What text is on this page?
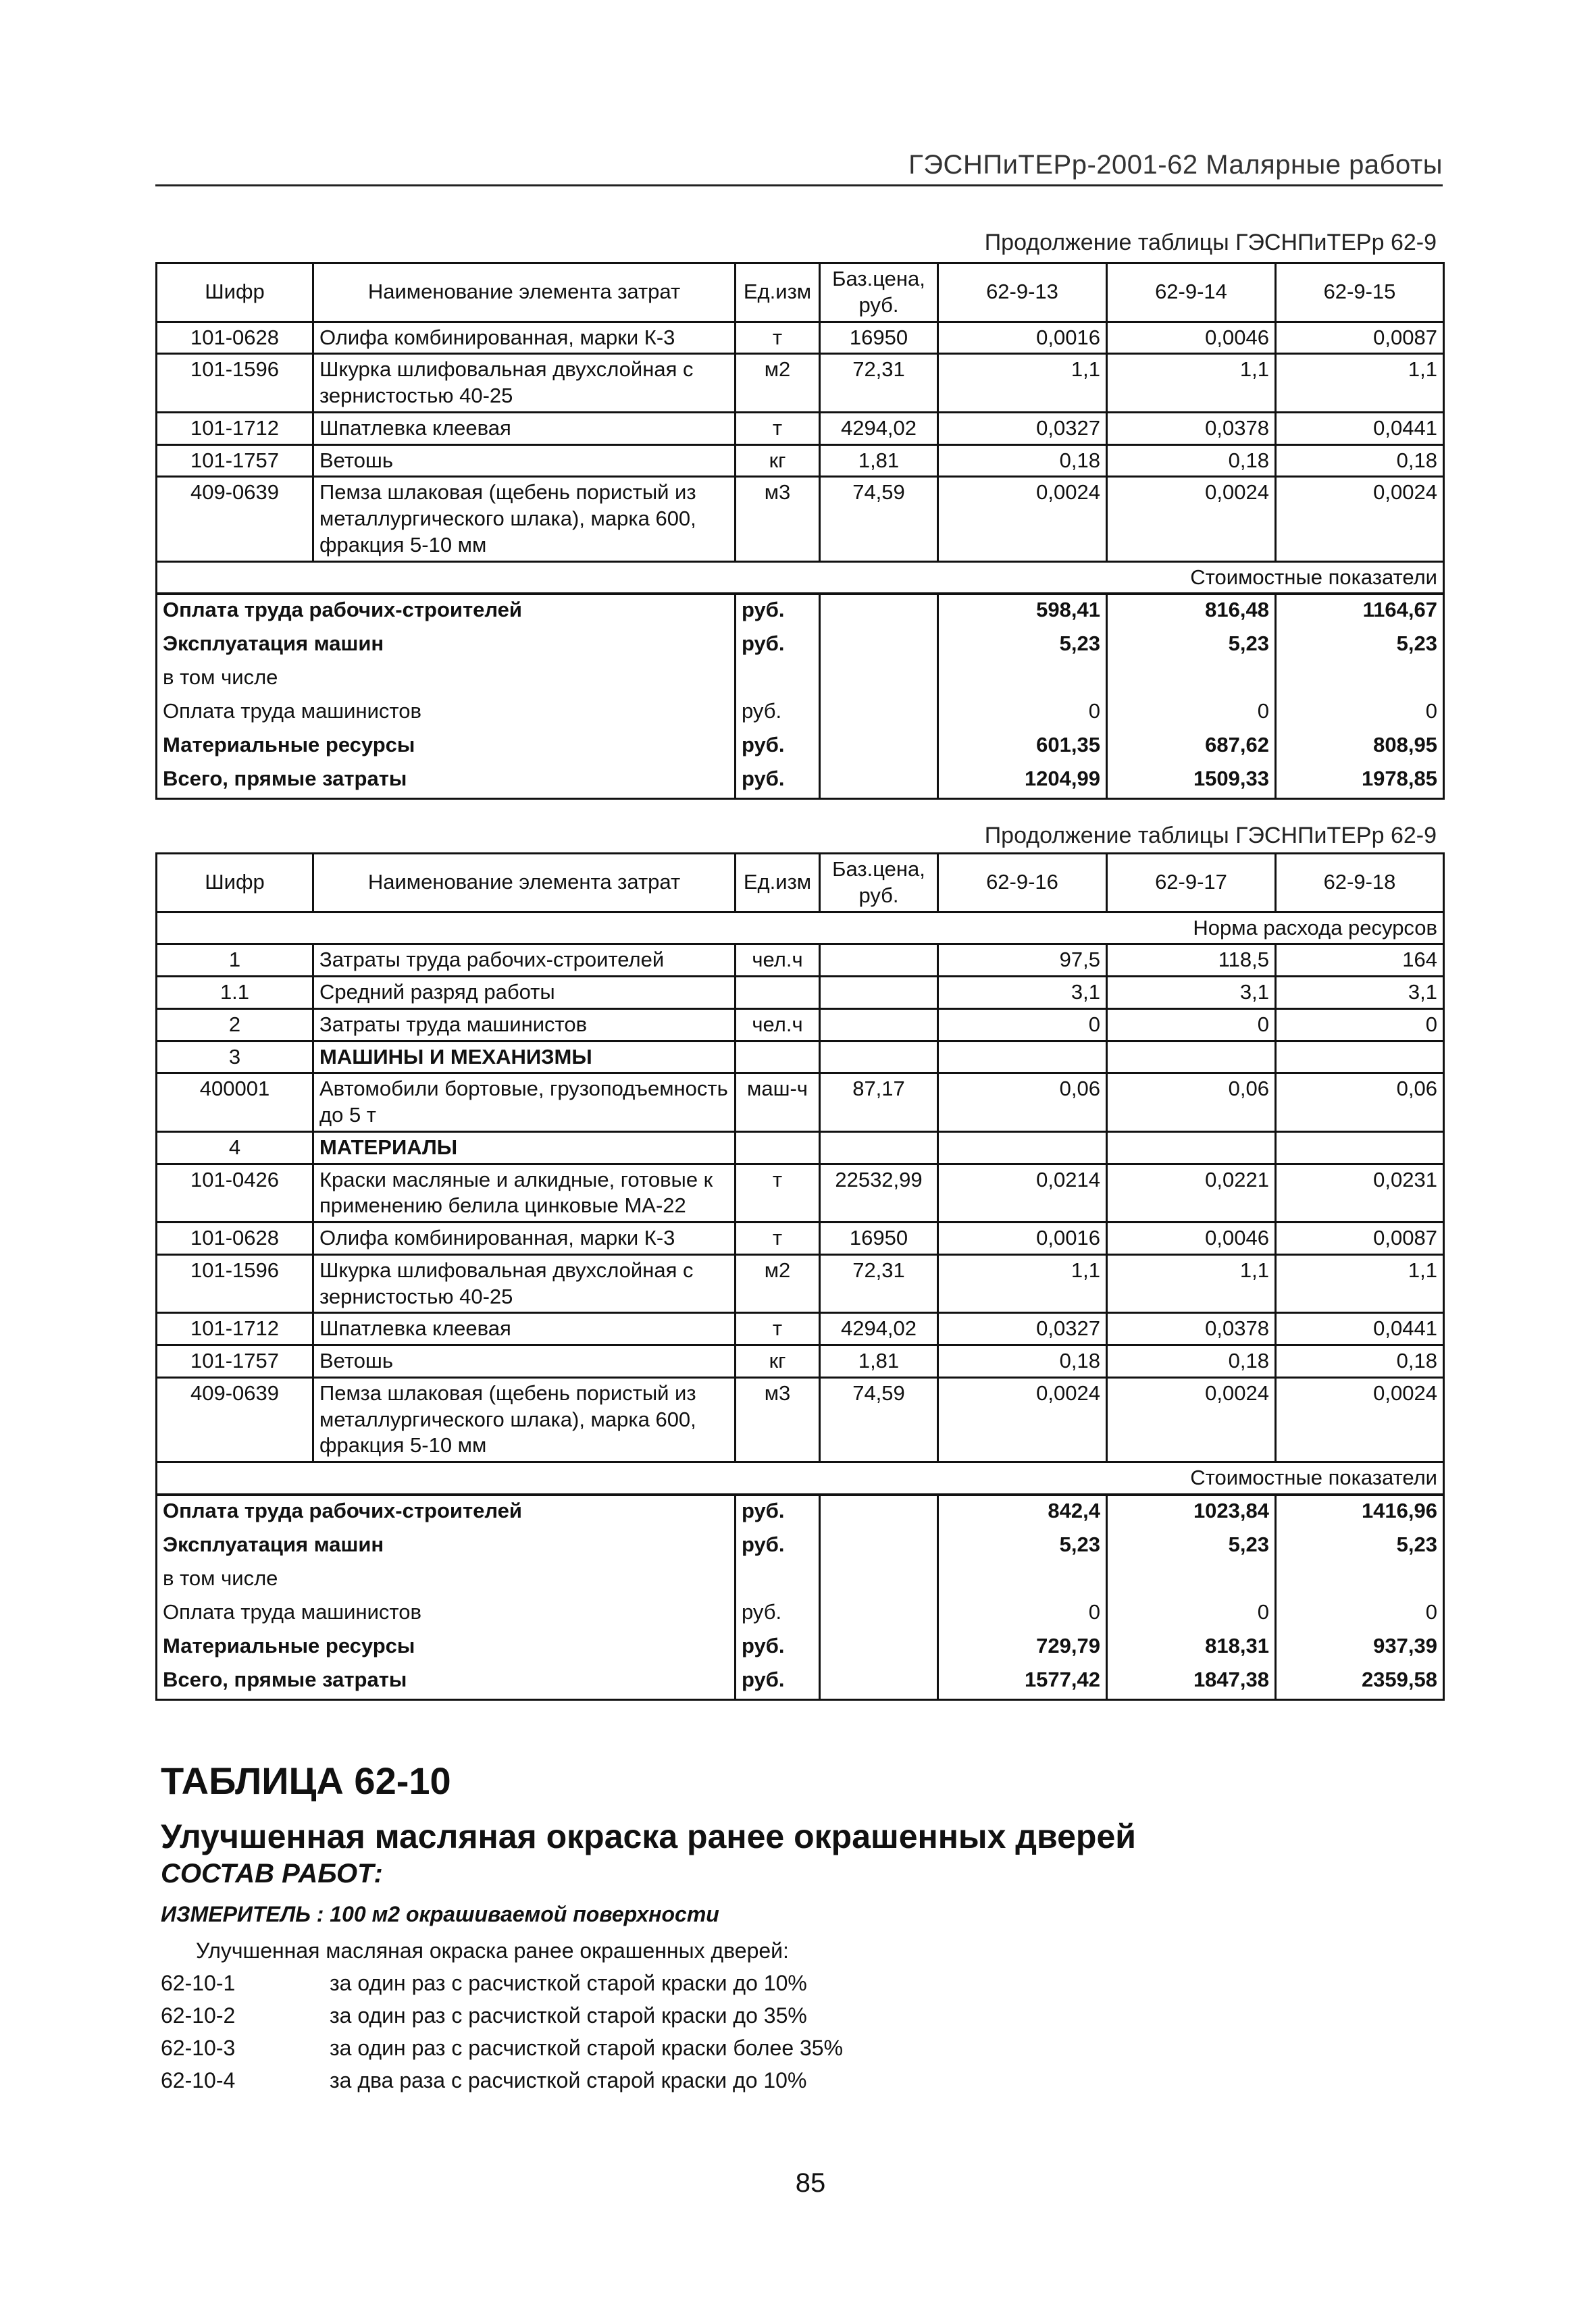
ГЭСНПиТЕРр-2001-62 Малярные работы
Продолжение таблицы ГЭСНПиТЕРр 62-9
Шифр	Наименование элемента затрат	Ед.изм	Баз.цена, руб.	62-9-13	62-9-14	62-9-15
101-0628	Олифа комбинированная, марки К-3	т	16950	0,0016	0,0046	0,0087
101-1596	Шкурка шлифовальная двухслойная с зернистостью 40-25	м2	72,31	1,1	1,1	1,1
101-1712	Шпатлевка клеевая	т	4294,02	0,0327	0,0378	0,0441
101-1757	Ветошь	кг	1,81	0,18	0,18	0,18
409-0639	Пемза шлаковая (щебень пористый из металлургического шлака), марка 600, фракция 5-10 мм	м3	74,59	0,0024	0,0024	0,0024
Стоимостные показатели						
Оплата труда рабочих-строителей		руб.		598,41	816,48	1164,67
Эксплуатация машин		руб.		5,23	5,23	5,23
в том числе						
Оплата труда машинистов		руб.		0	0	0
Материальные ресурсы		руб.		601,35	687,62	808,95
Всего, прямые затраты		руб.		1204,99	1509,33	1978,85
Продолжение таблицы ГЭСНПиТЕРр 62-9
Шифр	Наименование элемента затрат	Ед.изм	Баз.цена, руб.	62-9-16	62-9-17	62-9-18
Норма расхода ресурсов						
1	Затраты труда рабочих-строителей	чел.ч		97,5	118,5	164
1.1	Средний разряд работы			3,1	3,1	3,1
2	Затраты труда машинистов	чел.ч		0	0	0
3	МАШИНЫ И МЕХАНИЗМЫ					
400001	Автомобили бортовые, грузоподъемность до 5 т	маш-ч	87,17	0,06	0,06	0,06
4	МАТЕРИАЛЫ					
101-0426	Краски масляные и алкидные, готовые к применению белила цинковые МА-22	т	22532,99	0,0214	0,0221	0,0231
101-0628	Олифа комбинированная, марки К-3	т	16950	0,0016	0,0046	0,0087
101-1596	Шкурка шлифовальная двухслойная с зернистостью 40-25	м2	72,31	1,1	1,1	1,1
101-1712	Шпатлевка клеевая	т	4294,02	0,0327	0,0378	0,0441
101-1757	Ветошь	кг	1,81	0,18	0,18	0,18
409-0639	Пемза шлаковая (щебень пористый из металлургического шлака), марка 600, фракция 5-10 мм	м3	74,59	0,0024	0,0024	0,0024
Стоимостные показатели						
Оплата труда рабочих-строителей		руб.		842,4	1023,84	1416,96
Эксплуатация машин		руб.		5,23	5,23	5,23
в том числе						
Оплата труда машинистов		руб.		0	0	0
Материальные ресурсы		руб.		729,79	818,31	937,39
Всего, прямые затраты		руб.		1577,42	1847,38	2359,58
ТАБЛИЦА 62-10
Улучшенная масляная окраска ранее окрашенных дверей
СОСТАВ РАБОТ:
ИЗМЕРИТЕЛЬ : 100 м2 окрашиваемой поверхности
Улучшенная масляная окраска ранее окрашенных дверей:
62-10-1	за один раз с расчисткой старой краски до 10%
62-10-2	за один раз с расчисткой старой краски до 35%
62-10-3	за один раз с расчисткой старой краски более 35%
62-10-4	за два раза с расчисткой старой краски до 10%
85
